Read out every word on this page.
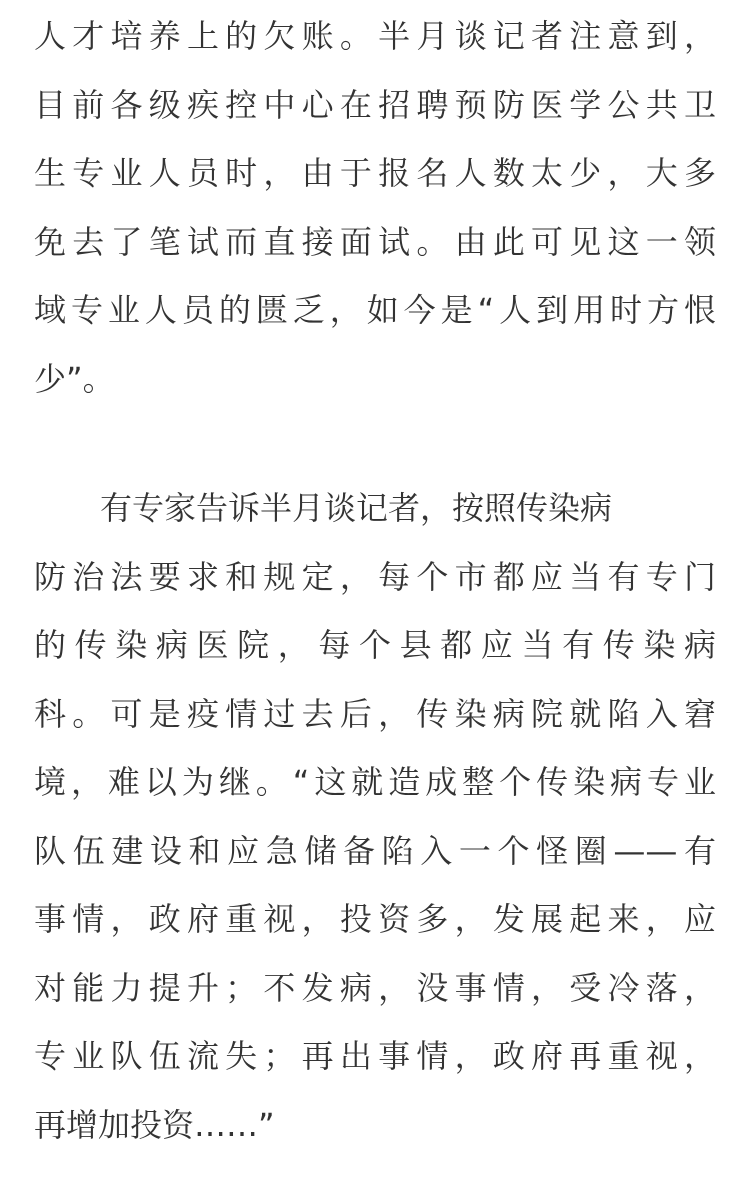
人才培养上的欠账。半月谈记者注意到，
目前各级疾控中心在招聘预防医学公共卫
生专业人员时，由于报名人数太少，大多
免去了笔试而直接面试。由此可见这一领
域专业人员的匮乏，如今是“人到用时方恨
少”。
有专家告诉半月谈记者，按照传染病
防治法要求和规定，每个市都应当有专门
的传染病医院，每个县都应当有传染病
科。可是疫情过去后，传染病院就陷入窘
境，难以为继。“这就造成整个传染病专业
队伍建设和应急储备陷入一个怪圈——有
事情，政府重视，投资多，发展起来，应
对能力提升；不发病，没事情，受冷落，
专业队伍流失；再出事情，政府再重视，
再增加投资……”
